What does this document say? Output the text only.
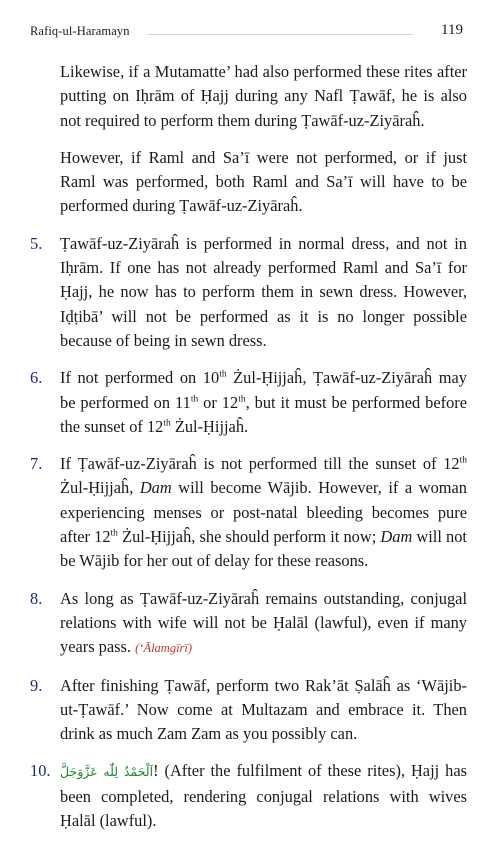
Rafiq-ul-Haramayn	119

Likewise, if a Mutamatte’ had also performed these rites after putting on Iḥrām of Ḥajj during any Nafl Ṭawāf, he is also not required to perform them during Ṭawāf-uz-Ziyāraĥ.

However, if Raml and Sa’ī were not performed, or if just Raml was performed, both Raml and Sa’ī will have to be performed during Ṭawāf-uz-Ziyāraĥ.

5.	Ṭawāf-uz-Ziyāraĥ is performed in normal dress, and not in Iḥrām. If one has not already performed Raml and Sa’ī for Ḥajj, he now has to perform them in sewn dress. However, Iḍṭibā’ will not be performed as it is no longer possible because of being in sewn dress.

6.	If not performed on 10th Żul-Ḥijjaĥ, Ṭawāf-uz-Ziyāraĥ may be performed on 11th or 12th, but it must be performed before the sunset of 12th Żul-Ḥijjaĥ.

7.	If Ṭawāf-uz-Ziyāraĥ is not performed till the sunset of 12th Żul-Ḥijjaĥ, Dam will become Wājib. However, if a woman experiencing menses or post-natal bleeding becomes pure after 12th Żul-Ḥijjaĥ, she should perform it now; Dam will not be Wājib for her out of delay for these reasons.

8.	As long as Ṭawāf-uz-Ziyāraĥ remains outstanding, conjugal relations with wife will not be Ḥalāl (lawful), even if many years pass. (‘Ālamgīrī)

9.	After finishing Ṭawāf, perform two Rak’āt Ṣalāĥ as ‘Wājib-ut-Ṭawāf.’ Now come at Multazam and embrace it. Then drink as much Zam Zam as you possibly can.

10. اَلْحَمْدُ لِلّٰه عَزَّوَجَلَّ! (After the fulfilment of these rites), Ḥajj has been completed, rendering conjugal relations with wives Ḥalāl (lawful).
